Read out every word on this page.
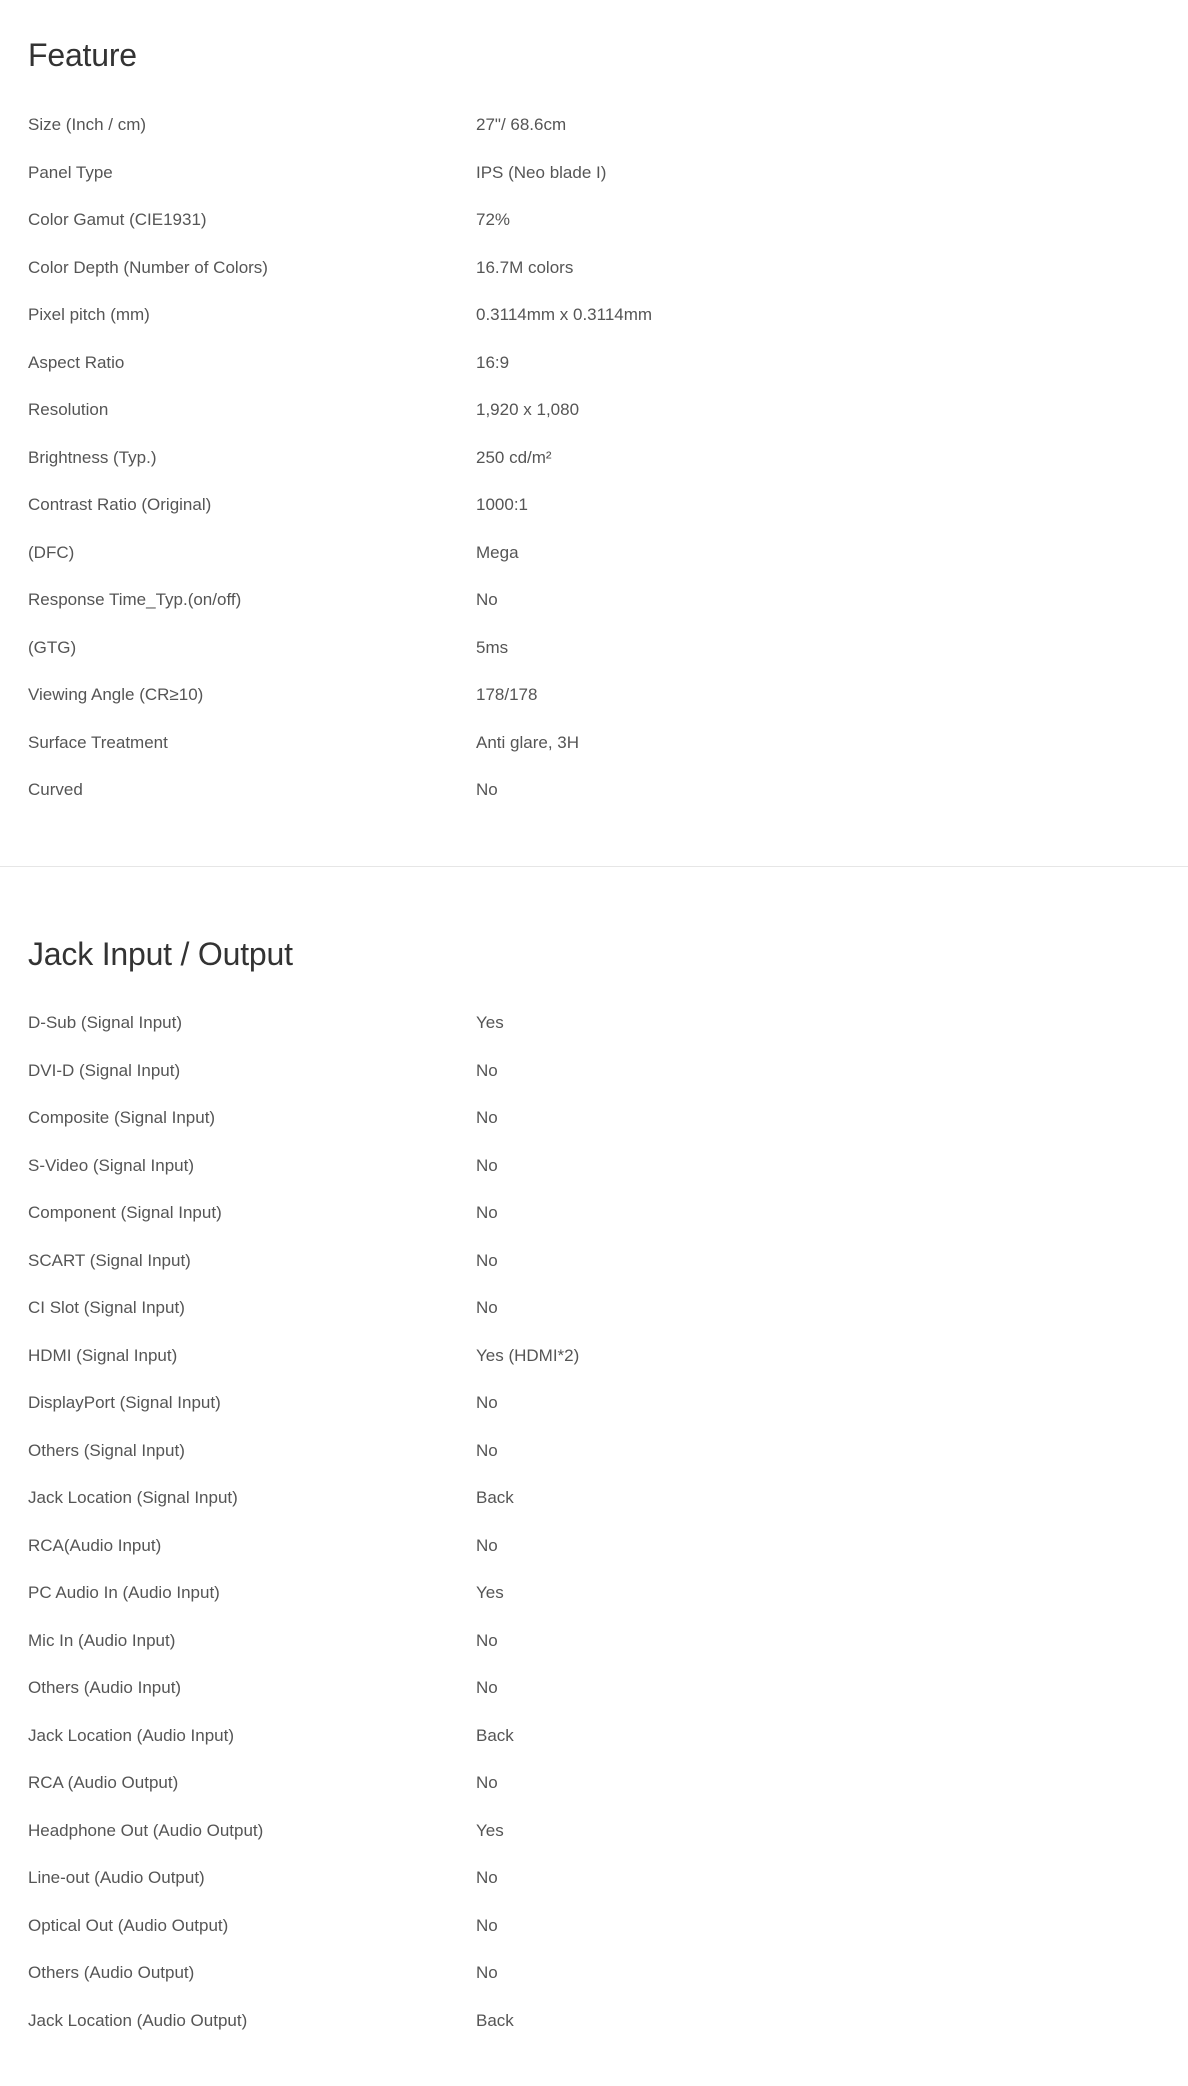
Feature
Size (Inch / cm)	27"/ 68.6cm
Panel Type	IPS (Neo blade I)
Color Gamut (CIE1931)	72%
Color Depth (Number of Colors)	16.7M colors
Pixel pitch (mm)	0.3114mm x 0.3114mm
Aspect Ratio	16:9
Resolution	1,920 x 1,080
Brightness (Typ.)	250 cd/m²
Contrast Ratio (Original)	1000:1
(DFC)	Mega
Response Time_Typ.(on/off)	No
(GTG)	5ms
Viewing Angle (CR≥10)	178/178
Surface Treatment	Anti glare, 3H
Curved	No
Jack Input / Output
D-Sub (Signal Input)	Yes
DVI-D (Signal Input)	No
Composite (Signal Input)	No
S-Video (Signal Input)	No
Component (Signal Input)	No
SCART (Signal Input)	No
CI Slot (Signal Input)	No
HDMI (Signal Input)	Yes (HDMI*2)
DisplayPort (Signal Input)	No
Others (Signal Input)	No
Jack Location (Signal Input)	Back
RCA(Audio Input)	No
PC Audio In (Audio Input)	Yes
Mic In (Audio Input)	No
Others (Audio Input)	No
Jack Location (Audio Input)	Back
RCA (Audio Output)	No
Headphone Out (Audio Output)	Yes
Line-out (Audio Output)	No
Optical Out (Audio Output)	No
Others (Audio Output)	No
Jack Location (Audio Output)	Back
